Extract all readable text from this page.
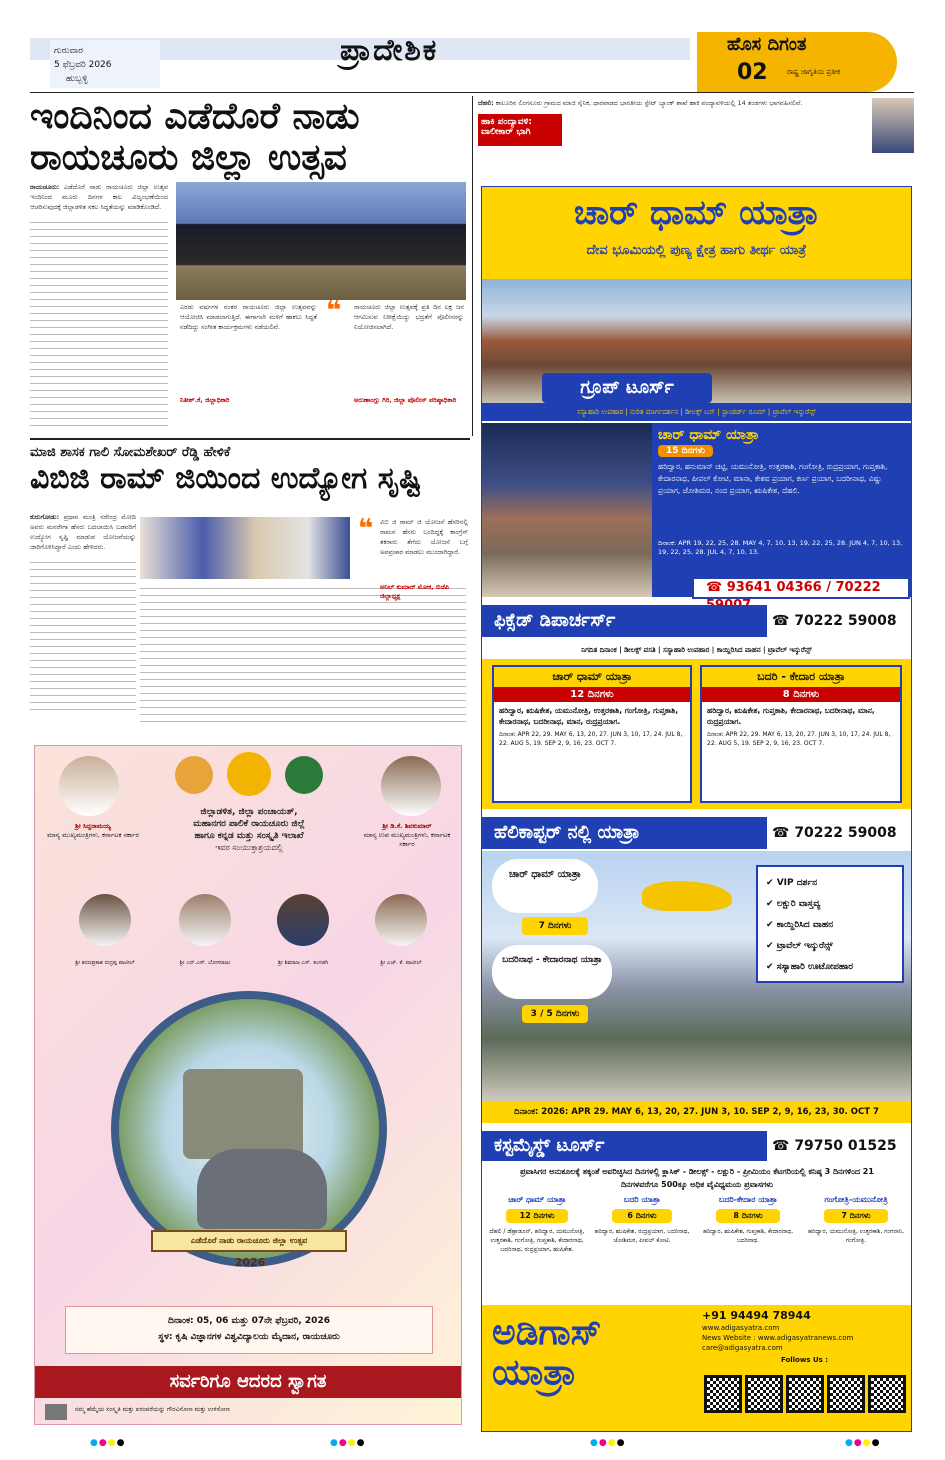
ಗುರುವಾರ
5 ಫೆಬ್ರವರಿ 2026
ಹುಬ್ಬಳ್ಳಿ
ಪ್ರಾದೇಶಿಕ	ಹೊಸ ದಿಗಂತ
02	ರಾಷ್ಟ್ರ ಜಾಗೃತಿಯ ಪ್ರತೀಕ
ಇಂದಿನಿಂದ ಎಡೆದೊರೆ ನಾಡು
ರಾಯಚೂರು ಜಿಲ್ಲಾ ಉತ್ಸವ
ರಾಯಚೂರು: ಎಡೆದೊರೆ ನಾಡು ರಾಯಚೂರು ಜಿಲ್ಲಾ ಉತ್ಸವ ಇಂದಿನಿಂದ ಮೂರು ದಿನಗಳ ಕಾಲ ವಿಜೃಂಭಣೆಯಿಂದ ಆಚರಿಸುವುದಕ್ಕೆ ಜಿಲ್ಲಾಡಳಿತ ಸಕಲ ಸಿದ್ಧತೆಯನ್ನು ಮಾಡಿಕೊಂಡಿದೆ.
ಎರಡು ವರ್ಷಗಳ ನಂತರ ರಾಯಚೂರು ಜಿಲ್ಲಾ ಉತ್ಸವವನ್ನು ಆಯೋಜಿಸಿ ಮಾಡಲಾಗುತ್ತಿದೆ. ಈಗಾಗಲೇ ಮಳಿಗೆ ಹಾಕಲು ಸಿದ್ಧತೆ ನಡೆದಿದ್ದು ಸಂಗೀತ ಕಾರ್ಯಕ್ರಮಗಳು ನಡೆಯಲಿವೆ.
ನಿತೀಶ್.ಕೆ, ಜಿಲ್ಲಾಧಿಕಾರಿ
❝	ರಾಯಚೂರು ಜಿಲ್ಲಾ ಉತ್ಸವಕ್ಕೆ ಪ್ರತಿ ದಿನ ಲಕ್ಷ ಜನ ಆಗಮಿಸುವ ನಿರೀಕ್ಷೆಯಿದ್ದು ಭದ್ರತೆಗೆ ಪೊಲೀಸರನ್ನು ನಿಯೋಜಿಸಲಾಗಿದೆ.
ಅರುಣಾಂಗ್ಷು ಗಿರಿ, ಜಿಲ್ಲಾ ಪೊಲೀಸ್ ವರಿಷ್ಠಾಧಿಕಾರಿ
ದೆಹಲಿ: ಕಾಲೂರಿನ ಲಿಂಗಸೂರು ಗ್ರಾಮದ ಮಾಜಿ ಸೈನಿಕ, ಧಾರವಾಡದ ಭಾರತೀಯ ಸ್ಟೇಟ್ ಬ್ಯಾಂಕ್ ಶಾಖೆ ಹಾಕಿ ಪಂದ್ಯಾವಳಿಯಲ್ಲಿ 14 ತಂಡಗಳು ಭಾಗವಹಿಸಲಿವೆ.
ಹಾಕಿ ಪಂದ್ಯಾವಳಿ:
ವಾಲೀಕಾರ್ ಭಾಗಿ
ಮಾಜಿ ಶಾಸಕ ಗಾಲಿ ಸೋಮಶೇಖರ್ ರೆಡ್ಡಿ ಹೇಳಿಕೆ
ವಿಬಿಜಿ ರಾಮ್ ಜಿಯಿಂದ ಉದ್ಯೋಗ ಸೃಷ್ಟಿ
ಕುರುಗೋಡು: ಪ್ರಧಾನ ಮಂತ್ರಿ ನರೇಂದ್ರ ಮೋದಿ ಅವರು ಮನರೇಗಾ ಹೆಸರು ಬದಲಾಯಿಸಿ ಬಡವರಿಗೆ ಉದ್ಯೋಗ ಸೃಷ್ಟಿ ಮಾಡುವ ಯೋಜನೆಯನ್ನು ಜಾರಿಗೊಳಿಸಿದ್ದಾರೆ ಎಂದು ಹೇಳಿದರು.
❝ ವಿಬಿ ಜಿ ರಾಮ್ ಜಿ ಯೋಜನೆ ಹೆಸರಿನಲ್ಲಿ ರಾಮನ ಹೆಸರು ಬಂದಿದ್ದಕ್ಕೆ ಕಾಂಗ್ರೆಸ್ ತಕರಾರು ತೆಗೆದು ಯೋಜನೆ ಬಗ್ಗೆ ಅಪಪ್ರಚಾರ ಮಾಡಲು ಮುಂದಾಗಿದ್ದಾರೆ.
ಅನಿಲ್ ಕುಮಾರ್ ಮೋಕ, ಬಿಜೆಪಿ ಜಿಲ್ಲಾಧ್ಯಕ್ಷ
ಜಿಲ್ಲಾಡಳಿತ, ಜಿಲ್ಲಾ ಪಂಚಾಯತ್,
ಮಹಾನಗರ ಪಾಲಿಕೆ ರಾಯಚೂರು ಜಿಲ್ಲೆ
ಹಾಗೂ ಕನ್ನಡ ಮತ್ತು ಸಂಸ್ಕೃತಿ ಇಲಾಖೆ
ಇವರ ಸಂಯುಕ್ತಾಶ್ರಯದಲ್ಲಿ
ಶ್ರೀ ಸಿದ್ದರಾಮಯ್ಯ
ಮಾನ್ಯ ಮುಖ್ಯಮಂತ್ರಿಗಳು, ಕರ್ನಾಟಕ ಸರ್ಕಾರ
ಶ್ರೀ ಡಿ.ಕೆ. ಶಿವಕುಮಾರ್
ಮಾನ್ಯ ಉಪ ಮುಖ್ಯಮಂತ್ರಿಗಳು, ಕರ್ನಾಟಕ ಸರ್ಕಾರ
ಶ್ರೀ ಶರಣಪ್ರಕಾಶ ರುದ್ರಪ್ಪ ಪಾಟೀಲ್	ಶ್ರೀ ಎನ್.ಎಸ್. ಬೋಸರಾಜು	ಶ್ರೀ ಶಿವರಾಜ ಎಸ್. ತಂಗಡಗಿ	ಶ್ರೀ ಎಚ್. ಕೆ. ಪಾಟೀಲ್
ಎಡೆದೊರೆ ನಾಡು ರಾಯಚೂರು ಜಿಲ್ಲಾ ಉತ್ಸವ
2026
ದಿನಾಂಕ: 05, 06 ಮತ್ತು 07ನೇ ಫೆಬ್ರವರಿ, 2026
ಸ್ಥಳ: ಕೃಷಿ ವಿಜ್ಞಾನಗಳ ವಿಶ್ವವಿದ್ಯಾಲಯ ಮೈದಾನ, ರಾಯಚೂರು
ಸರ್ವರಿಗೂ ಆದರದ ಸ್ವಾಗತ
ನಮ್ಮ ಹೆಮ್ಮೆಯ ಸಂಸ್ಕೃತಿ ಮತ್ತು ಪರಂಪರೆಯನ್ನು ಗೌರವಿಸೋಣ ಮತ್ತು ಉಳಿಸೋಣ
ಚಾರ್ ಧಾಮ್ ಯಾತ್ರಾ
ದೇವ ಭೂಮಿಯಲ್ಲಿ ಪುಣ್ಯ ಕ್ಷೇತ್ರ ಹಾಗು ತೀರ್ಥ ಯಾತ್ರೆ
ಗ್ರೂಪ್ ಟೂರ್ಸ್
ಸಸ್ಯಾಹಾರಿ ಉಪಹಾರ | ನುರಿತ ಮಾರ್ಗದರ್ಶನ | ಡೀಲಕ್ಸ್ ಬಸ್ | ಸ್ಟಾಂಡರ್ಡ್ ರೂಮ್ | ಟ್ರಾವೆಲ್ ಇನ್ಶುರೆನ್ಸ್
ಚಾರ್ ಧಾಮ್ ಯಾತ್ರಾ
15 ದಿನಗಳು
ಹರಿದ್ವಾರ, ಹನುಮಾನ್ ಚಟ್ಟಿ, ಯಮುನೋತ್ರಿ, ಉತ್ತರಕಾಶಿ, ಗಂಗೋತ್ರಿ, ರುದ್ರಪ್ರಯಾಗ, ಗುಪ್ತಕಾಶಿ, ಕೇದಾರನಾಥ, ಪೀಪಲ್ ಕೋಟಿ, ಮಾನಾ, ಕೇಶವ ಪ್ರಯಾಗ, ಕರ್ಣ ಪ್ರಯಾಗ, ಬದರೀನಾಥ, ವಿಷ್ಣು ಪ್ರಯಾಗ, ಜೋಶಿಮಠ, ನಂದ ಪ್ರಯಾಗ, ಋಷಿಕೇಶ, ದೆಹಲಿ.
ದಿನಾಂಕ: APR 19, 22, 25, 28. MAY 4, 7, 10, 13, 19, 22, 25, 28. JUN 4, 7, 10, 13, 19, 22, 25, 28. JUL 4, 7, 10, 13.
☎ 93641 04366 / 70222
ಫಿಕ್ಸೆಡ್ ಡಿಪಾರ್ಚರ್ಸ್	☎ 70222 59008
ನಿಗದಿತ ದಿನಾಂಕ | ಡೀಲಕ್ಸ್ ವಸತಿ | ಸಸ್ಯಾಹಾರಿ ಉಪಹಾರ | ಕಾಯ್ದಿರಿಸಿದ ವಾಹನ | ಟ್ರಾವೆಲ್ ಇನ್ಶುರೆನ್ಸ್
ಚಾರ್ ಧಾಮ್ ಯಾತ್ರಾ
12 ದಿನಗಳು
ಹರಿದ್ವಾರ, ಋಷಿಕೇಶ, ಯಮುನೋತ್ರಿ, ಉತ್ತರಕಾಶಿ, ಗಂಗೋತ್ರಿ, ಗುಪ್ತಕಾಶಿ, ಕೇದಾರನಾಥ, ಬದರೀನಾಥ, ಮಾನ, ರುದ್ರಪ್ರಯಾಗ.
ದಿನಾಂಕ: APR 22, 29. MAY 6, 13, 20, 27. JUN 3, 10, 17, 24. JUL 8, 22. AUG 5, 19. SEP 2, 9, 16, 23. OCT 7.
ಬದರಿ - ಕೇದಾರ ಯಾತ್ರಾ
8 ದಿನಗಳು
ಹರಿದ್ವಾರ, ಋಷಿಕೇಶ, ಗುಪ್ತಕಾಶಿ, ಕೇದಾರನಾಥ, ಬದರೀನಾಥ, ಮಾನ, ರುದ್ರಪ್ರಯಾಗ.
ದಿನಾಂಕ: APR 22, 29. MAY 6, 13, 20, 27. JUN 3, 10, 17, 24. JUL 8, 22. AUG 5, 19. SEP 2, 9, 16, 23. OCT 7.
ಹೆಲಿಕಾಪ್ಟರ್ ನಲ್ಲಿ ಯಾತ್ರಾ	☎ 70222 59008
ಚಾರ್ ಧಾಮ್ ಯಾತ್ರಾ
7 ದಿನಗಳು
ಬದರಿನಾಥ - ಕೇದಾರನಾಥ ಯಾತ್ರಾ
3 / 5 ದಿನಗಳು
✔ VIP ದರ್ಶನ
✔ ಲಕ್ಷುರಿ ವಾಸ್ತವ್ಯ
✔ ಕಾಯ್ದಿರಿಸಿದ ವಾಹನ
✔ ಟ್ರಾವೆಲ್ ಇನ್ಶುರೆನ್ಸ್
✔ ಸಸ್ಯಾಹಾರಿ ಊಟೋಪಹಾರ
ದಿನಾಂಕ: 2026: APR 29. MAY 6, 13, 20, 27. JUN 3, 10. SEP 2, 9, 16, 23, 30. OCT 7
ಕಸ್ಟಮೈಸ್ಡ್ ಟೂರ್ಸ್	☎ 79750 01525
ಪ್ರವಾಸಿಗರ ಅನುಕೂಲಕ್ಕೆ ತಕ್ಕಂತೆ ಅವರಿಚ್ಛಿಸಿದ ದಿನಗಳಲ್ಲಿ ಕ್ಲಾಸಿಕ್ - ಡೀಲಕ್ಸ್ - ಲಕ್ಷುರಿ - ಪ್ರೀಮಿಯಂ ಕೆಟಗರಿಯಲ್ಲಿ ಕನಿಷ್ಠ 3 ದಿನಗಳಿಂದ 21 ದಿನಗಳವರೆಗೂ 500ಕ್ಕೂ ಅಧಿಕ ವೈವಿಧ್ಯಮಯ ಪ್ರವಾಸಗಳು
ಚಾರ್ ಧಾಮ್ ಯಾತ್ರಾ
12 ದಿನಗಳು
ದೆಹಲಿ / ಡೆಹ್ರಾಡೂನ್, ಹರಿದ್ವಾರ, ಯಮುನೋತ್ರಿ, ಉತ್ತರಕಾಶಿ, ಗಂಗೋತ್ರಿ, ಗುಪ್ತಕಾಶಿ, ಕೇದಾರನಾಥ, ಬದರಿನಾಥ, ರುದ್ರಪ್ರಯಾಗ, ಋಷಿಕೇಶ.
ಬದರಿ ಯಾತ್ರಾ
6 ದಿನಗಳು
ಹರಿದ್ವಾರ, ಋಷಿಕೇಶ, ರುದ್ರಪ್ರಯಾಗ, ಬದರಿನಾಥ, ಜೋಶಿಮಠ, ಪೀಪಲ್ ಕೋಟಿ.
ಬದರಿ-ಕೇದಾರ ಯಾತ್ರಾ
8 ದಿನಗಳು
ಹರಿದ್ವಾರ, ಋಷಿಕೇಶ, ಗುಪ್ತಕಾಶಿ, ಕೇದಾರನಾಥ, ಬದರಿನಾಥ.
ಗಂಗೋತ್ರಿ-ಯಮುನೋತ್ರಿ
7 ದಿನಗಳು
ಹರಿದ್ವಾರ, ಯಮುನೋತ್ರಿ, ಉತ್ತರಕಾಶಿ, ಗಂಗನಾನಿ, ಗಂಗೋತ್ರಿ.
ಅಡಿಗಾಸ್
ಯಾತ್ರಾ
+91 94494 78944
www.adigasyatra.com
News Website : www.adigasyatranews.com
care@adigasyatra.com
Follows Us :
●●●●	●●●●	●●●●	●●●●
